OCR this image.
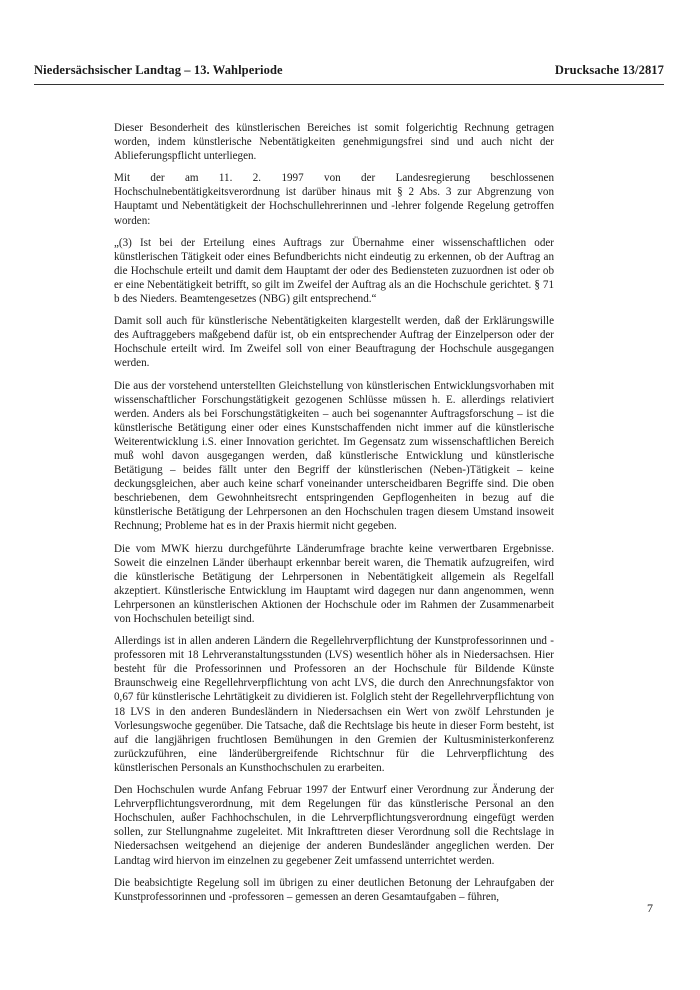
Niedersächsischer Landtag – 13. Wahlperiode	Drucksache 13/2817

Dieser Besonderheit des künstlerischen Bereiches ist somit folgerichtig Rechnung getragen worden, indem künstlerische Nebentätigkeiten genehmigungsfrei sind und auch nicht der Ablieferungspflicht unterliegen.

Mit der am 11. 2. 1997 von der Landesregierung beschlossenen Hochschulnebentätigkeitsverordnung ist darüber hinaus mit § 2 Abs. 3 zur Abgrenzung von Hauptamt und Nebentätigkeit der Hochschullehrerinnen und -lehrer folgende Regelung getroffen worden:

„(3) Ist bei der Erteilung eines Auftrags zur Übernahme einer wissenschaftlichen oder künstlerischen Tätigkeit oder eines Befundberichts nicht eindeutig zu erkennen, ob der Auftrag an die Hochschule erteilt und damit dem Hauptamt der oder des Bediensteten zuzuordnen ist oder ob er eine Nebentätigkeit betrifft, so gilt im Zweifel der Auftrag als an die Hochschule gerichtet. § 71 b des Nieders. Beamtengesetzes (NBG) gilt entsprechend.“

Damit soll auch für künstlerische Nebentätigkeiten klargestellt werden, daß der Erklärungswille des Auftraggebers maßgebend dafür ist, ob ein entsprechender Auftrag der Einzelperson oder der Hochschule erteilt wird. Im Zweifel soll von einer Beauftragung der Hochschule ausgegangen werden.

Die aus der vorstehend unterstellten Gleichstellung von künstlerischen Entwicklungsvorhaben mit wissenschaftlicher Forschungstätigkeit gezogenen Schlüsse müssen h. E. allerdings relativiert werden. Anders als bei Forschungstätigkeiten – auch bei sogenannter Auftragsforschung – ist die künstlerische Betätigung einer oder eines Kunstschaffenden nicht immer auf die künstlerische Weiterentwicklung i.S. einer Innovation gerichtet. Im Gegensatz zum wissenschaftlichen Bereich muß wohl davon ausgegangen werden, daß künstlerische Entwicklung und künstlerische Betätigung – beides fällt unter den Begriff der künstlerischen (Neben-)Tätigkeit – keine deckungsgleichen, aber auch keine scharf voneinander unterscheidbaren Begriffe sind. Die oben beschriebenen, dem Gewohnheitsrecht entspringenden Gepflogenheiten in bezug auf die künstlerische Betätigung der Lehrpersonen an den Hochschulen tragen diesem Umstand insoweit Rechnung; Probleme hat es in der Praxis hiermit nicht gegeben.

Die vom MWK hierzu durchgeführte Länderumfrage brachte keine verwertbaren Ergebnisse. Soweit die einzelnen Länder überhaupt erkennbar bereit waren, die Thematik aufzugreifen, wird die künstlerische Betätigung der Lehrpersonen in Nebentätigkeit allgemein als Regelfall akzeptiert. Künstlerische Entwicklung im Hauptamt wird dagegen nur dann angenommen, wenn Lehrpersonen an künstlerischen Aktionen der Hochschule oder im Rahmen der Zusammenarbeit von Hochschulen beteiligt sind.

Allerdings ist in allen anderen Ländern die Regellehrverpflichtung der Kunstprofessorinnen und -professoren mit 18 Lehrveranstaltungsstunden (LVS) wesentlich höher als in Niedersachsen. Hier besteht für die Professorinnen und Professoren an der Hochschule für Bildende Künste Braunschweig eine Regellehrverpflichtung von acht LVS, die durch den Anrechnungsfaktor von 0,67 für künstlerische Lehrtätigkeit zu dividieren ist. Folglich steht der Regellehrverpflichtung von 18 LVS in den anderen Bundesländern in Niedersachsen ein Wert von zwölf Lehrstunden je Vorlesungswoche gegenüber. Die Tatsache, daß die Rechtslage bis heute in dieser Form besteht, ist auf die langjährigen fruchtlosen Bemühungen in den Gremien der Kultusministerkonferenz zurückzuführen, eine länderübergreifende Richtschnur für die Lehrverpflichtung des künstlerischen Personals an Kunsthochschulen zu erarbeiten.

Den Hochschulen wurde Anfang Februar 1997 der Entwurf einer Verordnung zur Änderung der Lehrverpflichtungsverordnung, mit dem Regelungen für das künstlerische Personal an den Hochschulen, außer Fachhochschulen, in die Lehrverpflichtungsverordnung eingefügt werden sollen, zur Stellungnahme zugeleitet. Mit Inkrafttreten dieser Verordnung soll die Rechtslage in Niedersachsen weitgehend an diejenige der anderen Bundesländer angeglichen werden. Der Landtag wird hiervon im einzelnen zu gegebener Zeit umfassend unterrichtet werden.

Die beabsichtigte Regelung soll im übrigen zu einer deutlichen Betonung der Lehraufgaben der Kunstprofessorinnen und -professoren – gemessen an deren Gesamtaufgaben – führen,

7
